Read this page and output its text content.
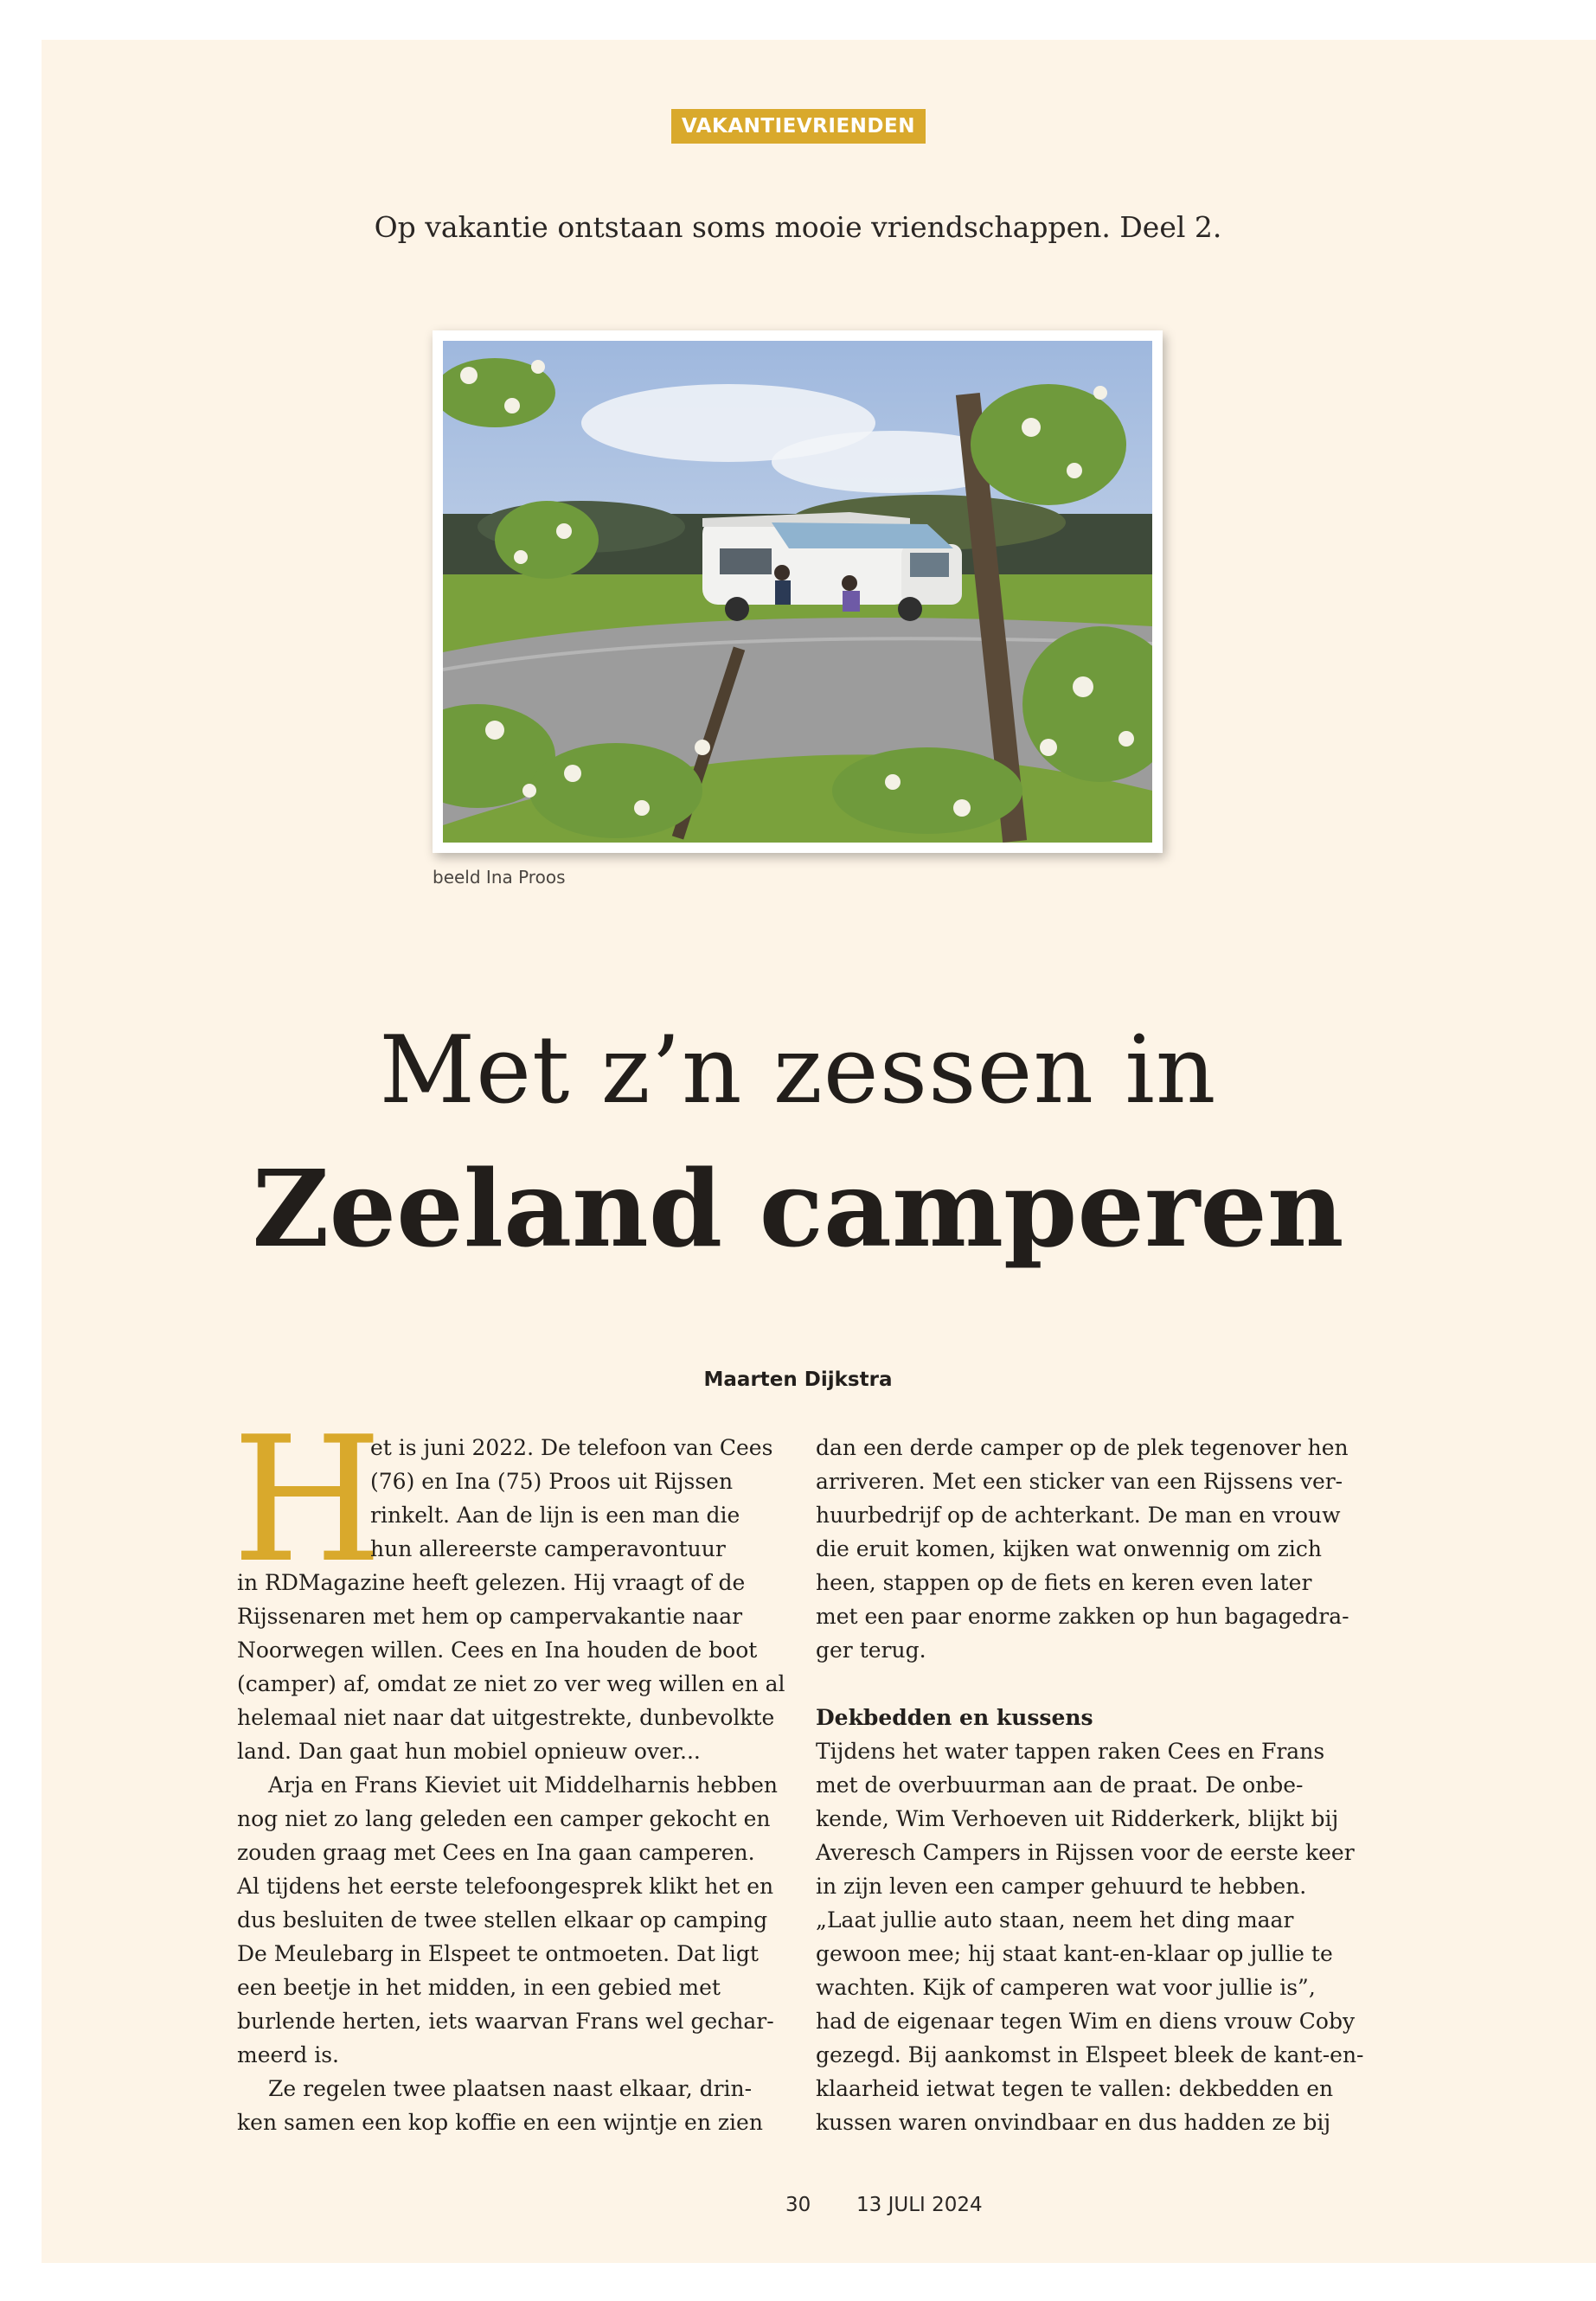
VAKANTIEVRIENDEN
Op vakantie ontstaan soms mooie vriendschappen. Deel 2.
beeld Ina Proos
Met z’n zessen in
Zeeland camperen
Maarten Dijkstra
H
et is juni 2022. De telefoon van Cees
(76) en Ina (75) Proos uit Rijssen
rinkelt. Aan de lijn is een man die
hun allereerste camperavontuur
in RDMagazine heeft gelezen. Hij vraagt of de
Rijssenaren met hem op campervakantie naar
Noorwegen willen. Cees en Ina houden de boot
(camper) af, omdat ze niet zo ver weg willen en al
helemaal niet naar dat uitgestrekte, dunbevolkte
land. Dan gaat hun mobiel opnieuw over...
Arja en Frans Kieviet uit Middelharnis hebben
nog niet zo lang geleden een camper gekocht en
zouden graag met Cees en Ina gaan camperen.
Al tijdens het eerste telefoongesprek klikt het en
dus besluiten de twee stellen elkaar op camping
De Meulebarg in Elspeet te ontmoeten. Dat ligt
een beetje in het midden, in een gebied met
burlende herten, iets waarvan Frans wel gechar-
meerd is.
Ze regelen twee plaatsen naast elkaar, drin-
ken samen een kop koffie en een wijntje en zien
dan een derde camper op de plek tegenover hen
arriveren. Met een sticker van een Rijssens ver-
huurbedrijf op de achterkant. De man en vrouw
die eruit komen, kijken wat onwennig om zich
heen, stappen op de fiets en keren even later
met een paar enorme zakken op hun bagagedra-
ger terug.
Dekbedden en kussens
Tijdens het water tappen raken Cees en Frans
met de overbuurman aan de praat. De onbe-
kende, Wim Verhoeven uit Ridderkerk, blijkt bij
Averesch Campers in Rijssen voor de eerste keer
in zijn leven een camper gehuurd te hebben.
„Laat jullie auto staan, neem het ding maar
gewoon mee; hij staat kant-en-klaar op jullie te
wachten. Kijk of camperen wat voor jullie is”,
had de eigenaar tegen Wim en diens vrouw Coby
gezegd. Bij aankomst in Elspeet bleek de kant-en-
klaarheid ietwat tegen te vallen: dekbedden en
kussen waren onvindbaar en dus hadden ze bij
30 13 JULI 2024
